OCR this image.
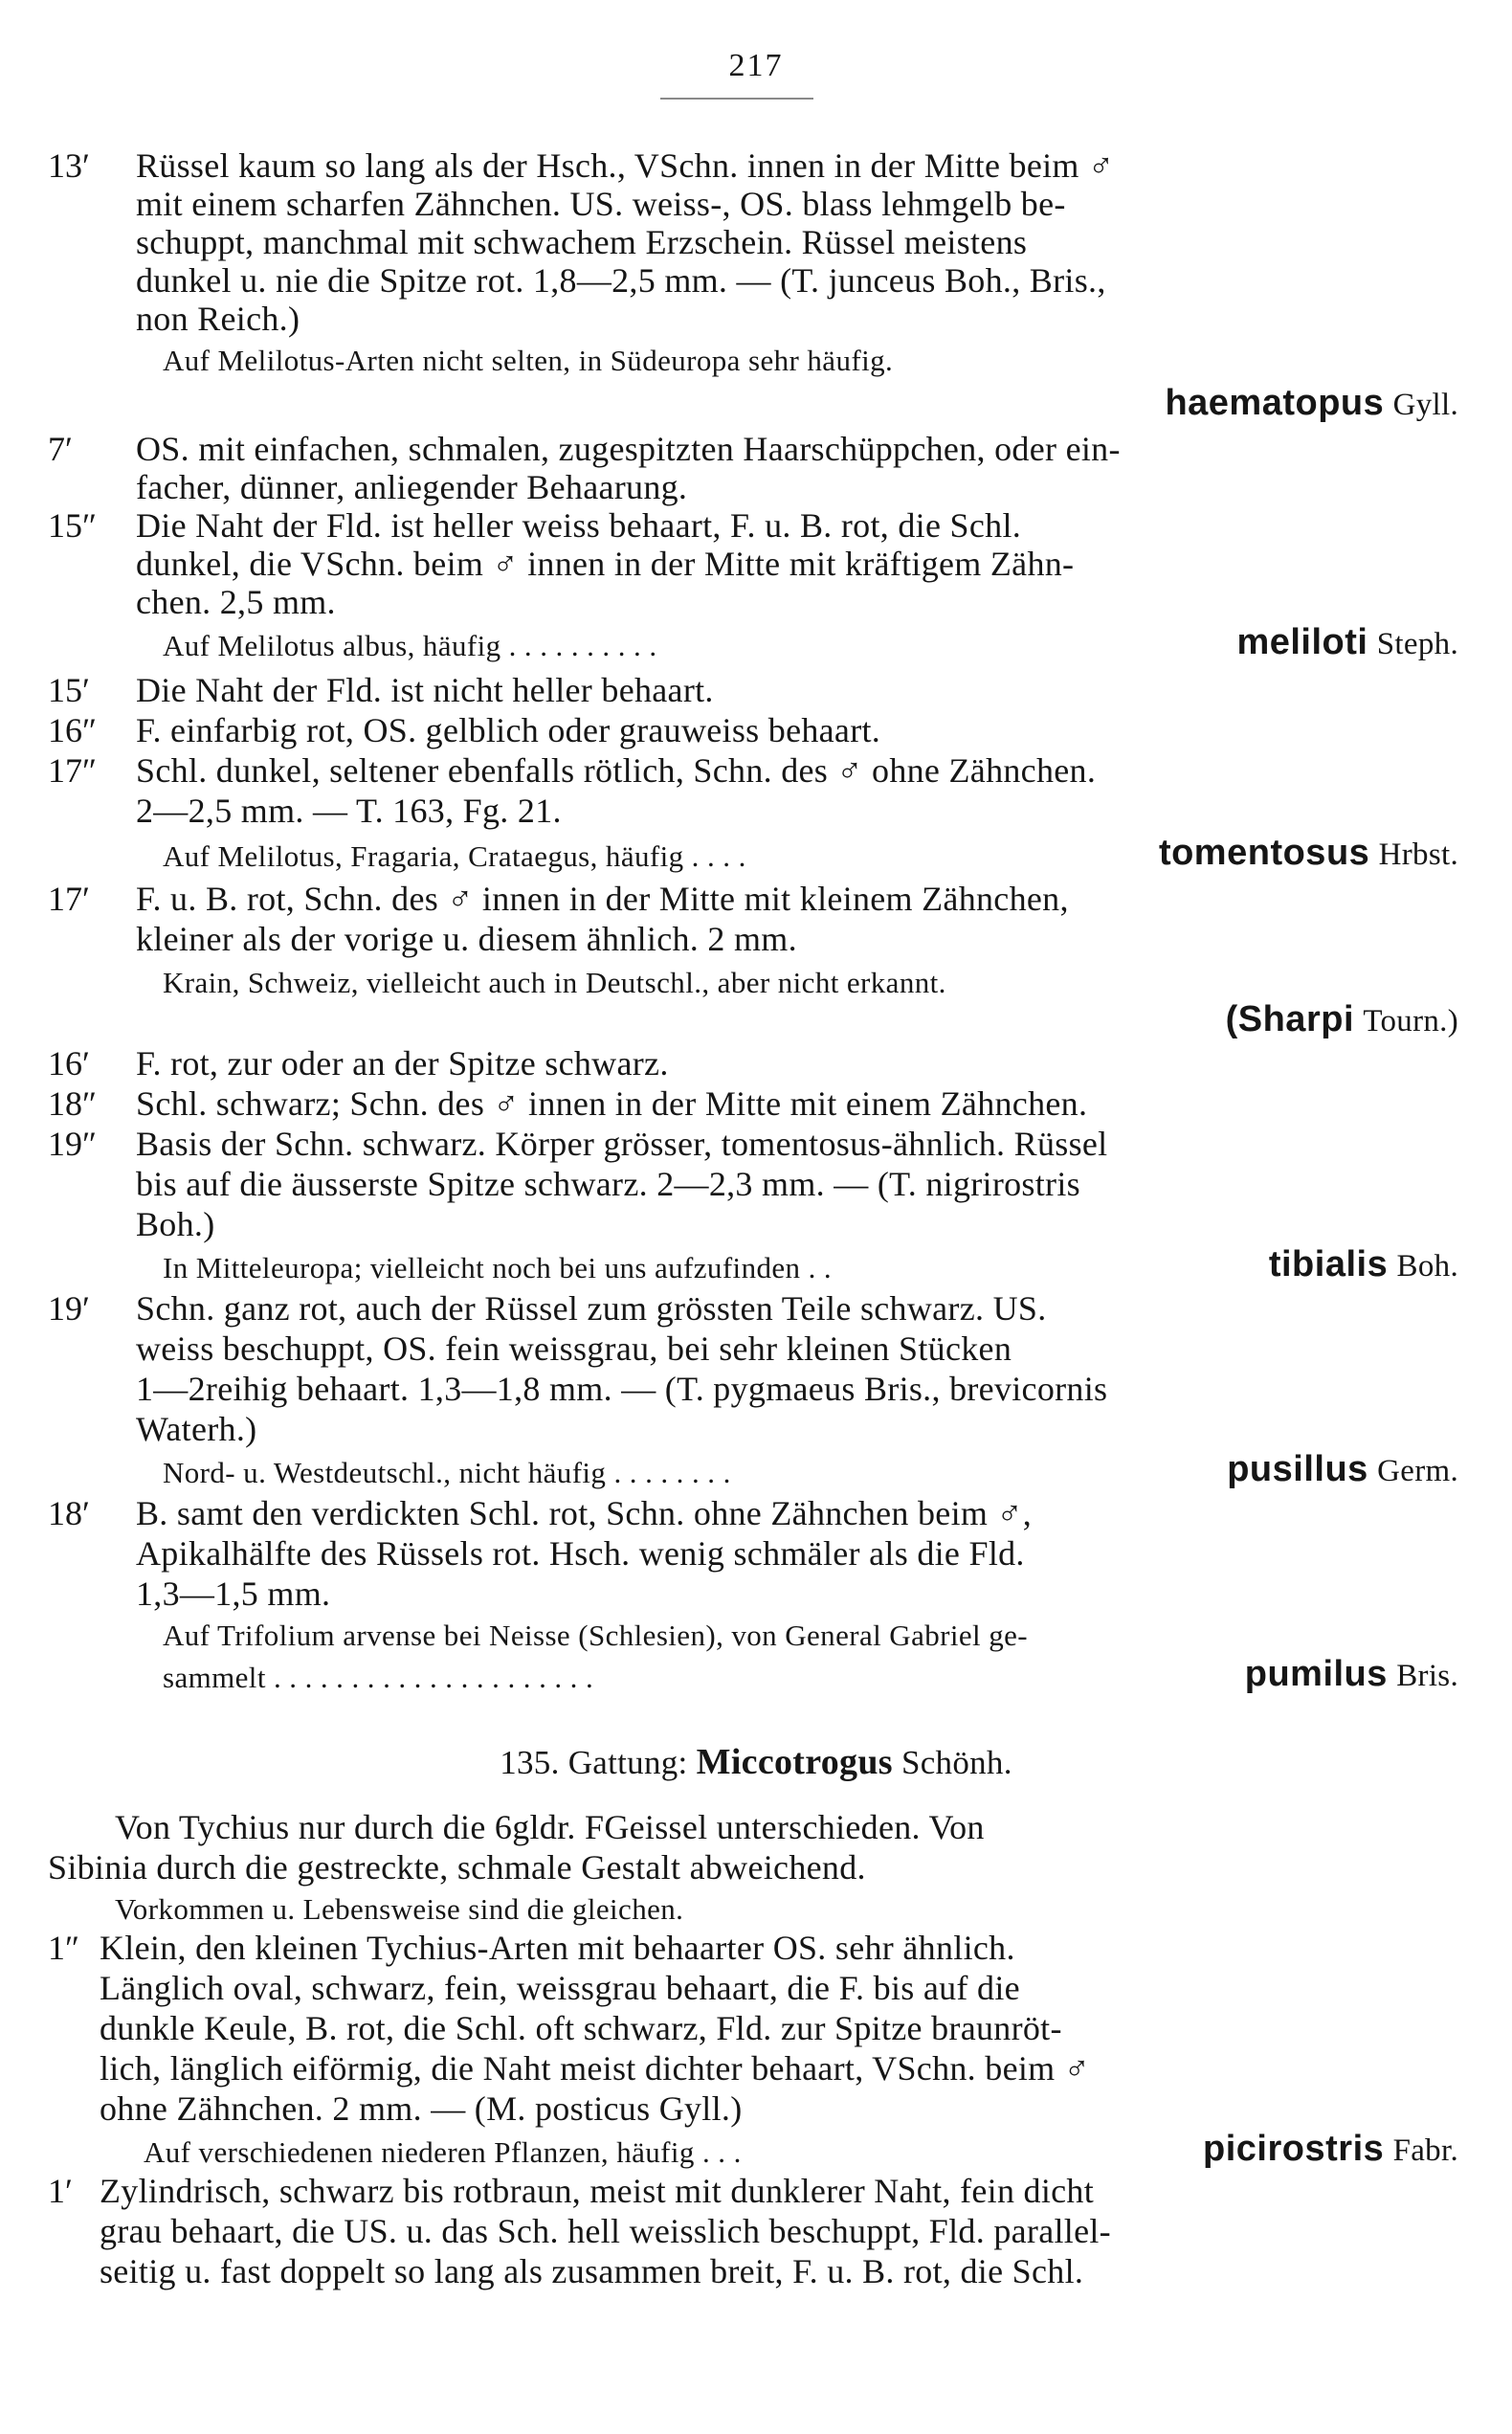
217
13′ Rüssel kaum so lang als der Hsch., VSchn. innen in der Mitte beim ♂
mit einem scharfen Zähnchen. US. weiss-, OS. blass lehmgelb be-
schuppt, manchmal mit schwachem Erzschein. Rüssel meistens
dunkel u. nie die Spitze rot. 1,8—2,5 mm. — (T. junceus Boh., Bris.,
non Reich.)
Auf Melilotus-Arten nicht selten, in Südeuropa sehr häufig.
haematopus Gyll.
7′ OS. mit einfachen, schmalen, zugespitzten Haarschüppchen, oder ein-
facher, dünner, anliegender Behaarung.
15″ Die Naht der Fld. ist heller weiss behaart, F. u. B. rot, die Schl.
dunkel, die VSchn. beim ♂ innen in der Mitte mit kräftigem Zähn-
chen. 2,5 mm.
Auf Melilotus albus, häufig . . . . . . . . . .	meliloti Steph.
15′ Die Naht der Fld. ist nicht heller behaart.
16″ F. einfarbig rot, OS. gelblich oder grauweiss behaart.
17″ Schl. dunkel, seltener ebenfalls rötlich, Schn. des ♂ ohne Zähnchen.
2—2,5 mm. — T. 163, Fg. 21.
Auf Melilotus, Fragaria, Crataegus, häufig . . . .	tomentosus Hrbst.
17′ F. u. B. rot, Schn. des ♂ innen in der Mitte mit kleinem Zähnchen,
kleiner als der vorige u. diesem ähnlich. 2 mm.
Krain, Schweiz, vielleicht auch in Deutschl., aber nicht erkannt.
(Sharpi Tourn.)
16′ F. rot, zur oder an der Spitze schwarz.
18″ Schl. schwarz; Schn. des ♂ innen in der Mitte mit einem Zähnchen.
19″ Basis der Schn. schwarz. Körper grösser, tomentosus-ähnlich. Rüssel
bis auf die äusserste Spitze schwarz. 2—2,3 mm. — (T. nigrirostris
Boh.)
In Mitteleuropa; vielleicht noch bei uns aufzufinden . .	tibialis Boh.
19′ Schn. ganz rot, auch der Rüssel zum grössten Teile schwarz. US.
weiss beschuppt, OS. fein weissgrau, bei sehr kleinen Stücken
1—2reihig behaart. 1,3—1,8 mm. — (T. pygmaeus Bris., brevicornis
Waterh.)
Nord- u. Westdeutschl., nicht häufig . . . . . . . .	pusillus Germ.
18′ B. samt den verdickten Schl. rot, Schn. ohne Zähnchen beim ♂,
Apikalhälfte des Rüssels rot. Hsch. wenig schmäler als die Fld.
1,3—1,5 mm.
Auf Trifolium arvense bei Neisse (Schlesien), von General Gabriel ge-
sammelt . . . . . . . . . . . . . . . . . . . . .	pumilus Bris.
135. Gattung: Miccotrogus Schönh.
Von Tychius nur durch die 6gldr. FGeissel unterschieden. Von
Sibinia durch die gestreckte, schmale Gestalt abweichend.
Vorkommen u. Lebensweise sind die gleichen.
1″ Klein, den kleinen Tychius-Arten mit behaarter OS. sehr ähnlich.
Länglich oval, schwarz, fein, weissgrau behaart, die F. bis auf die
dunkle Keule, B. rot, die Schl. oft schwarz, Fld. zur Spitze braunröt-
lich, länglich eiförmig, die Naht meist dichter behaart, VSchn. beim ♂
ohne Zähnchen. 2 mm. — (M. posticus Gyll.)
Auf verschiedenen niederen Pflanzen, häufig . . .	picirostris Fabr.
1′ Zylindrisch, schwarz bis rotbraun, meist mit dunklerer Naht, fein dicht
grau behaart, die US. u. das Sch. hell weisslich beschuppt, Fld. parallel-
seitig u. fast doppelt so lang als zusammen breit, F. u. B. rot, die Schl.
